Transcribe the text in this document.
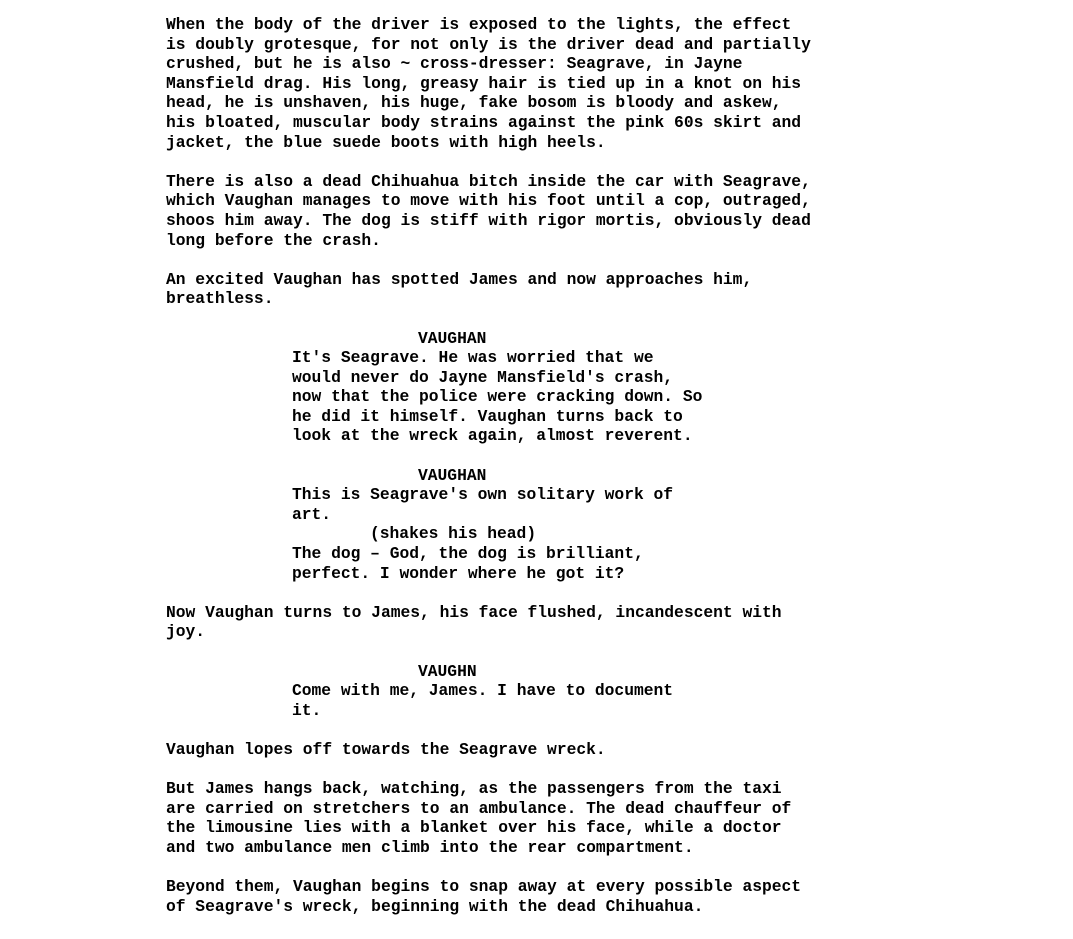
When the body of the driver is exposed to the lights, the effect
is doubly grotesque, for not only is the driver dead and partially
crushed, but he is also ~ cross-dresser: Seagrave, in Jayne
Mansfield drag. His long, greasy hair is tied up in a knot on his
head, he is unshaven, his huge, fake bosom is bloody and askew,
his bloated, muscular body strains against the pink 60s skirt and
jacket, the blue suede boots with high heels.
There is also a dead Chihuahua bitch inside the car with Seagrave,
which Vaughan manages to move with his foot until a cop, outraged,
shoos him away. The dog is stiff with rigor mortis, obviously dead
long before the crash.
An excited Vaughan has spotted James and now approaches him,
breathless.
VAUGHAN
It's Seagrave. He was worried that we
would never do Jayne Mansfield's crash,
now that the police were cracking down. So
he did it himself. Vaughan turns back to
look at the wreck again, almost reverent.
VAUGHAN
This is Seagrave's own solitary work of
art.
(shakes his head)
The dog – God, the dog is brilliant,
perfect. I wonder where he got it?
Now Vaughan turns to James, his face flushed, incandescent with
joy.
VAUGHN
Come with me, James. I have to document
it.
Vaughan lopes off towards the Seagrave wreck.
But James hangs back, watching, as the passengers from the taxi
are carried on stretchers to an ambulance. The dead chauffeur of
the limousine lies with a blanket over his face, while a doctor
and two ambulance men climb into the rear compartment.
Beyond them, Vaughan begins to snap away at every possible aspect
of Seagrave's wreck, beginning with the dead Chihuahua.
